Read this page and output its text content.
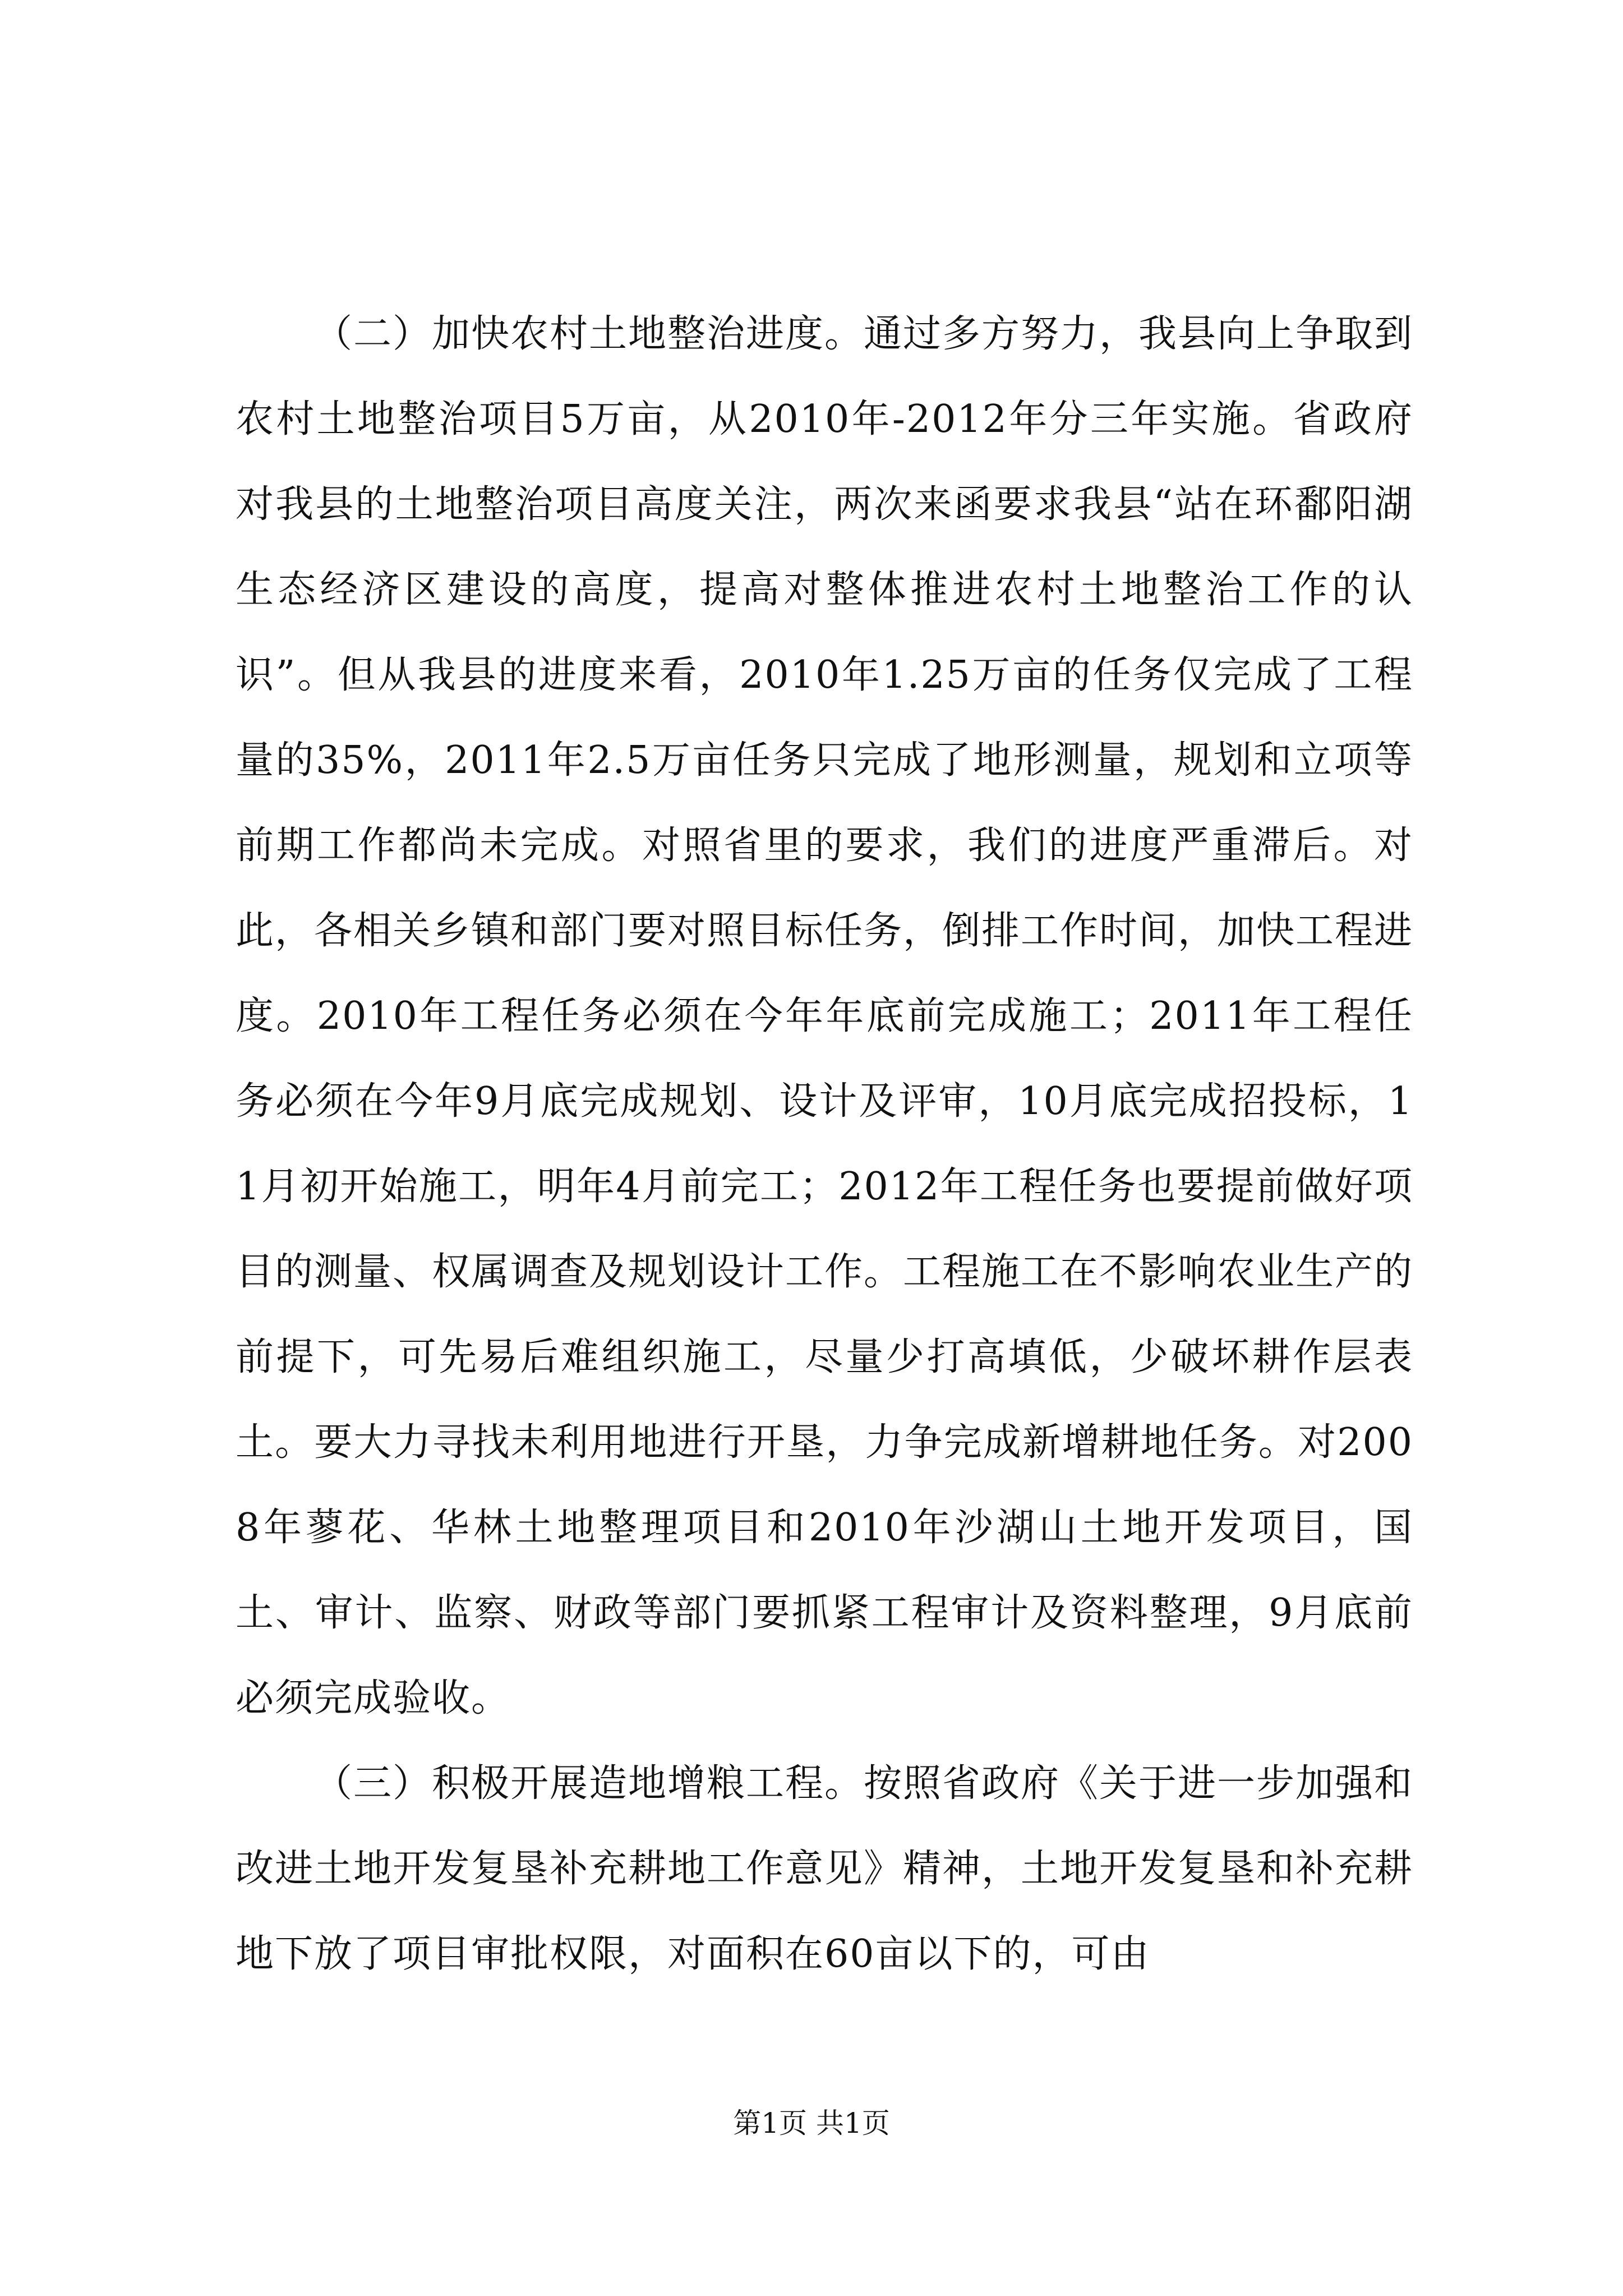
（二）加快农村土地整治进度。通过多方努力，我县向上争取到农村土地整治项目5万亩，从2010年-2012年分三年实施。省政府对我县的土地整治项目高度关注，两次来函要求我县“站在环鄱阳湖生态经济区建设的高度，提高对整体推进农村土地整治工作的认识”。但从我县的进度来看，2010年1.25万亩的任务仅完成了工程量的35%，2011年2.5万亩任务只完成了地形测量，规划和立项等前期工作都尚未完成。对照省里的要求，我们的进度严重滞后。对此，各相关乡镇和部门要对照目标任务，倒排工作时间，加快工程进度。2010年工程任务必须在今年年底前完成施工；2011年工程任务必须在今年9月底完成规划、设计及评审，10月底完成招投标，11月初开始施工，明年4月前完工；2012年工程任务也要提前做好项目的测量、权属调查及规划设计工作。工程施工在不影响农业生产的前提下，可先易后难组织施工，尽量少打高填低，少破坏耕作层表土。要大力寻找未利用地进行开垦，力争完成新增耕地任务。对2008年蓼花、华林土地整理项目和2010年沙湖山土地开发项目，国土、审计、监察、财政等部门要抓紧工程审计及资料整理，9月底前必须完成验收。

（三）积极开展造地增粮工程。按照省政府《关于进一步加强和改进土地开发复垦补充耕地工作意见》精神，土地开发复垦和补充耕地下放了项目审批权限，对面积在60亩以下的，可由

第1页 共1页
